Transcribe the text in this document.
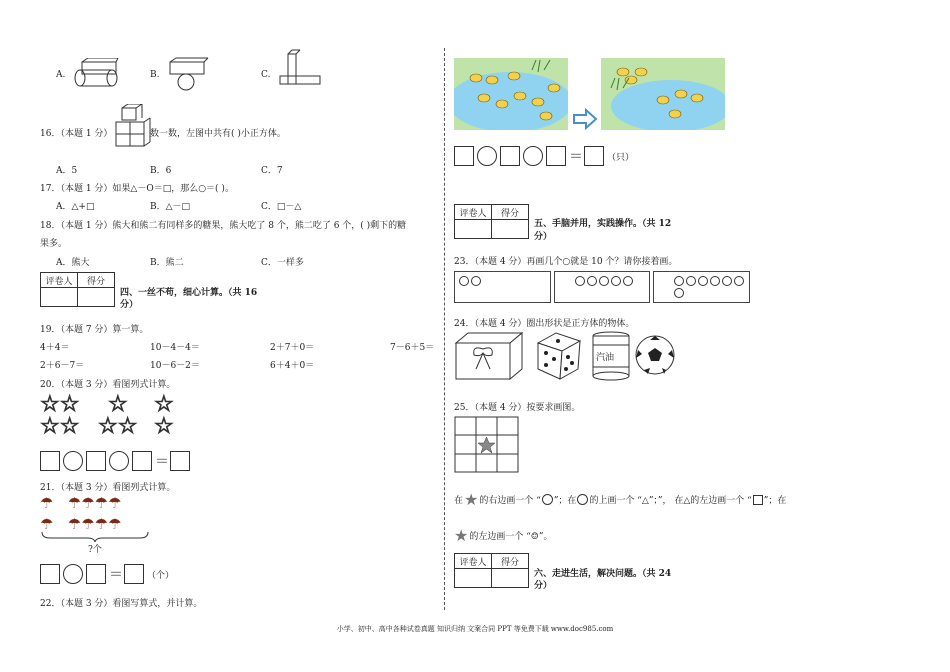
A.	B.	C.
16．（本题 1 分）	数一数，左图中共有( )小正方体。
A．5	B．6	C．7
17．（本题 1 分）如果△－O＝□，那么○＝( )。
A．△+□	B．△－□	C．□－△
18．（本题 1 分）熊大和熊二有同样多的糖果，熊大吃了 8 个，熊二吃了 6 个，( )剩下的糖
果多。
A．熊大	B．熊二	C．一样多
评卷人	得分

四、一丝不苟，细心计算。（共 16
分）
19．（本题 7 分）算一算。
4＋4＝	10－4－4＝	2＋7＋0＝	7－6＋5＝
2＋6－7＝	10－6－2＝	6＋4＋0＝
20．（本题 3 分）看图列式计算。
☆☆
☆☆
☆
☆☆
☆
☆
＝
21．（本题 3 分）看图列式计算。
☂ ☂☂☂☂
☂ ☂☂☂☂
?个
＝	（个）
22．（本题 3 分）看图写算式，并计算。
＝	（只）
评卷人	得分

五、手脑并用，实践操作。（共 12
分）
23．（本题 4 分）再画几个○就是 10 个？请你接着画。
24．（本题 4 分）圈出形状是正方体的物体。
汽油
25．（本题 4 分）按要求画图。
在 ★ 的右边画一个 “ ”；在 的上画一个 “△”；”， 在△的左边画一个 “ ”；在
★ 的左边画一个 “☺”。
评卷人	得分

六、走进生活，解决问题。（共 24
分）
小学、初中、高中各种试卷真题 知识归纳 文案合同 PPT 等免费下载 www.doc985.com
